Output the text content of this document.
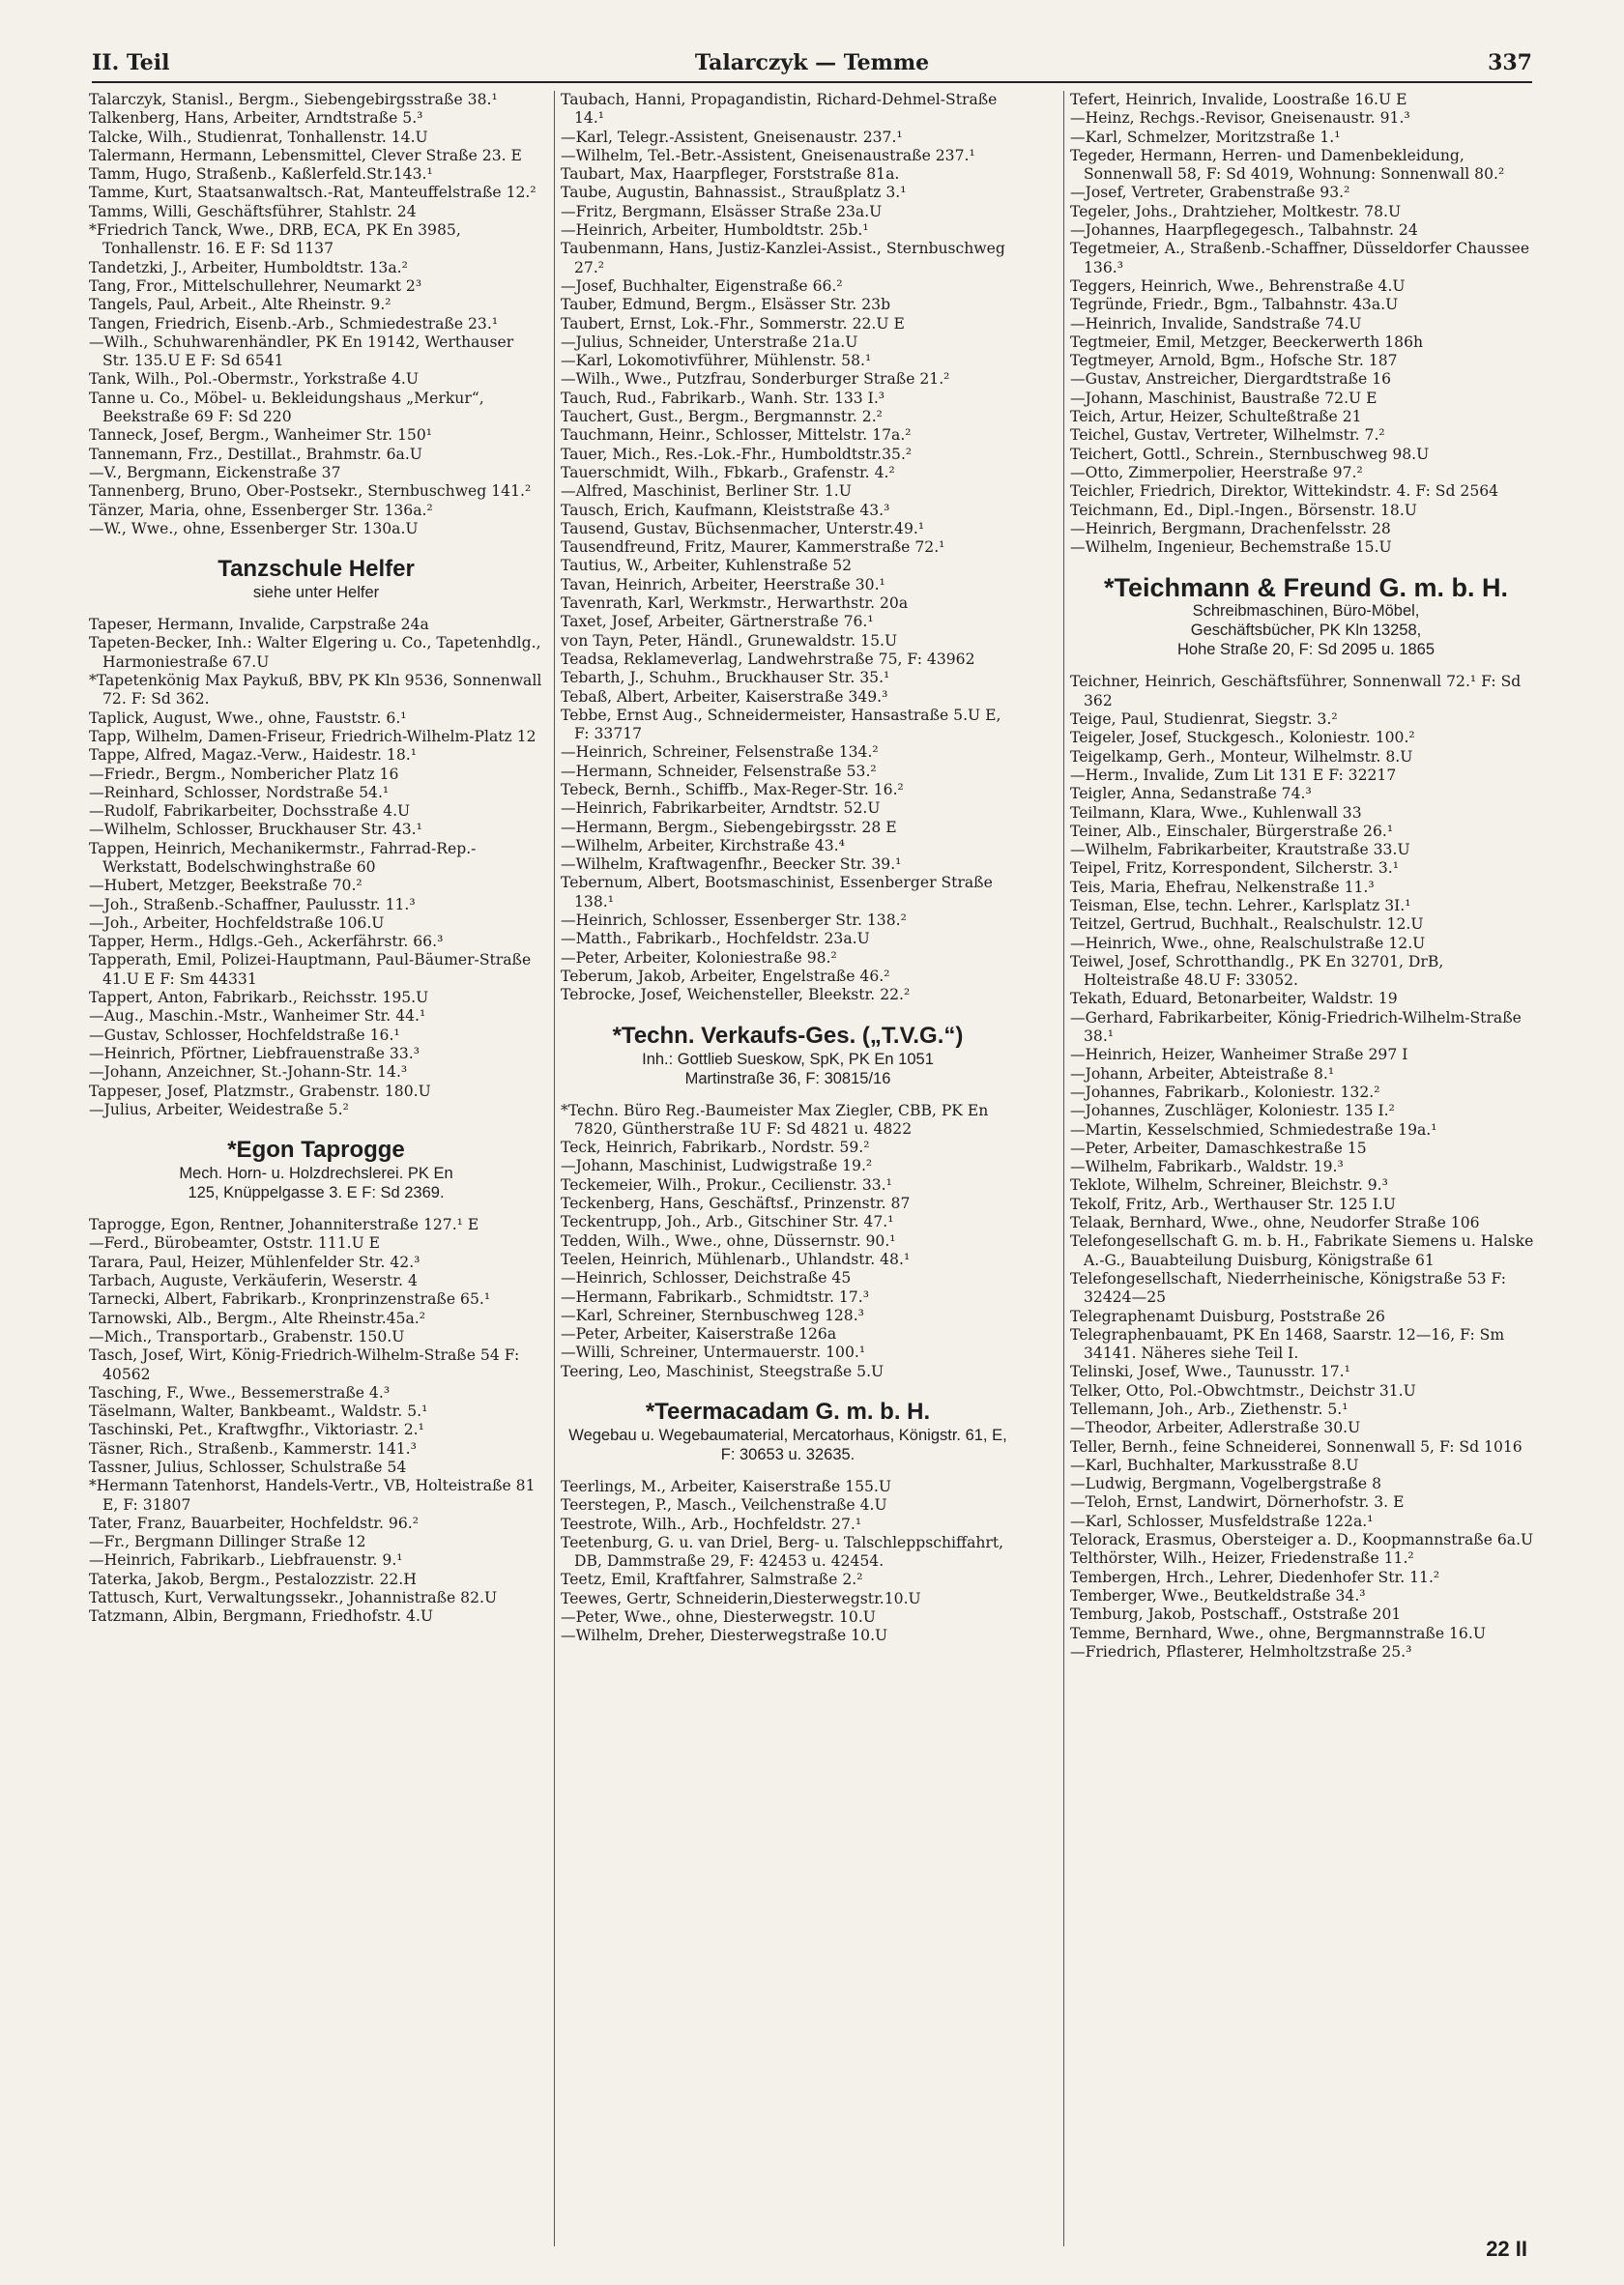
II. Teil	Talarczyk — Temme	337

Talarczyk, Stanisl., Bergm., Siebengebirgsstraße 38.¹

Talkenberg, Hans, Arbeiter, Arndtstraße 5.³

Talcke, Wilh., Studienrat, Tonhallenstr. 14.U

Talermann, Hermann, Lebensmittel, Clever Straße 23. E

Tamm, Hugo, Straßenb., Kaßlerfeld.Str.143.¹

Tamme, Kurt, Staatsanwaltsch.-Rat, Manteuffelstraße 12.²

Tamms, Willi, Geschäftsführer, Stahlstr. 24

*Friedrich Tanck, Wwe., DRB, ECA, PK En 3985, Tonhallenstr. 16. E F: Sd 1137

Tandetzki, J., Arbeiter, Humboldtstr. 13a.²

Tang, Fror., Mittelschullehrer, Neumarkt 2³

Tangels, Paul, Arbeit., Alte Rheinstr. 9.²

Tangen, Friedrich, Eisenb.-Arb., Schmiedestraße 23.¹

—Wilh., Schuhwarenhändler, PK En 19142, Werthauser Str. 135.U E F: Sd 6541

Tank, Wilh., Pol.-Obermstr., Yorkstraße 4.U

Tanne u. Co., Möbel- u. Bekleidungshaus „Merkur“, Beekstraße 69 F: Sd 220

Tanneck, Josef, Bergm., Wanheimer Str. 150¹

Tannemann, Frz., Destillat., Brahmstr. 6a.U

—V., Bergmann, Eickenstraße 37

Tannenberg, Bruno, Ober-Postsekr., Sternbuschweg 141.²

Tänzer, Maria, ohne, Essenberger Str. 136a.²

—W., Wwe., ohne, Essenberger Str. 130a.U

Tanzschule Helfer
siehe unter Helfer

Tapeser, Hermann, Invalide, Carpstraße 24a

Tapeten-Becker, Inh.: Walter Elgering u. Co., Tapetenhdlg., Harmoniestraße 67.U

*Tapetenkönig Max Paykuß, BBV, PK Kln 9536, Sonnenwall 72. F: Sd 362.

Taplick, August, Wwe., ohne, Fauststr. 6.¹

Tapp, Wilhelm, Damen-Friseur, Friedrich-Wilhelm-Platz 12

Tappe, Alfred, Magaz.-Verw., Haidestr. 18.¹

—Friedr., Bergm., Nombericher Platz 16

—Reinhard, Schlosser, Nordstraße 54.¹

—Rudolf, Fabrikarbeiter, Dochsstraße 4.U

—Wilhelm, Schlosser, Bruckhauser Str. 43.¹

Tappen, Heinrich, Mechanikermstr., Fahrrad-Rep.-Werkstatt, Bodelschwinghstraße 60

—Hubert, Metzger, Beekstraße 70.²

—Joh., Straßenb.-Schaffner, Paulusstr. 11.³

—Joh., Arbeiter, Hochfeldstraße 106.U

Tapper, Herm., Hdlgs.-Geh., Ackerfährstr. 66.³

Tapperath, Emil, Polizei-Hauptmann, Paul-Bäumer-Straße 41.U E F: Sm 44331

Tappert, Anton, Fabrikarb., Reichsstr. 195.U

—Aug., Maschin.-Mstr., Wanheimer Str. 44.¹

—Gustav, Schlosser, Hochfeldstraße 16.¹

—Heinrich, Pförtner, Liebfrauenstraße 33.³

—Johann, Anzeichner, St.-Johann-Str. 14.³

Tappeser, Josef, Platzmstr., Grabenstr. 180.U

—Julius, Arbeiter, Weidestraße 5.²

*Egon Taprogge
Mech. Horn- u. Holzdrechslerei. PK En
125, Knüppelgasse 3. E F: Sd 2369.

Taprogge, Egon, Rentner, Johanniterstraße 127.¹ E

—Ferd., Bürobeamter, Oststr. 111.U E

Tarara, Paul, Heizer, Mühlenfelder Str. 42.³

Tarbach, Auguste, Verkäuferin, Weserstr. 4

Tarnecki, Albert, Fabrikarb., Kronprinzenstraße 65.¹

Tarnowski, Alb., Bergm., Alte Rheinstr.45a.²

—Mich., Transportarb., Grabenstr. 150.U

Tasch, Josef, Wirt, König-Friedrich-Wilhelm-Straße 54 F: 40562

Tasching, F., Wwe., Bessemerstraße 4.³

Täselmann, Walter, Bankbeamt., Waldstr. 5.¹

Taschinski, Pet., Kraftwgfhr., Viktoriastr. 2.¹

Täsner, Rich., Straßenb., Kammerstr. 141.³

Tassner, Julius, Schlosser, Schulstraße 54

*Hermann Tatenhorst, Handels-Vertr., VB, Holteistraße 81 E, F: 31807

Tater, Franz, Bauarbeiter, Hochfeldstr. 96.²

—Fr., Bergmann Dillinger Straße 12

—Heinrich, Fabrikarb., Liebfrauenstr. 9.¹

Taterka, Jakob, Bergm., Pestalozzistr. 22.H

Tattusch, Kurt, Verwaltungssekr., Johannistraße 82.U

Tatzmann, Albin, Bergmann, Friedhofstr. 4.U

Taubach, Hanni, Propagandistin, Richard-Dehmel-Straße 14.¹

—Karl, Telegr.-Assistent, Gneisenaustr. 237.¹

—Wilhelm, Tel.-Betr.-Assistent, Gneisenaustraße 237.¹

Taubart, Max, Haarpfleger, Forststraße 81a.

Taube, Augustin, Bahnassist., Straußplatz 3.¹

—Fritz, Bergmann, Elsässer Straße 23a.U

—Heinrich, Arbeiter, Humboldtstr. 25b.¹

Taubenmann, Hans, Justiz-Kanzlei-Assist., Sternbuschweg 27.²

—Josef, Buchhalter, Eigenstraße 66.²

Tauber, Edmund, Bergm., Elsässer Str. 23b

Taubert, Ernst, Lok.-Fhr., Sommerstr. 22.U E

—Julius, Schneider, Unterstraße 21a.U

—Karl, Lokomotivführer, Mühlenstr. 58.¹

—Wilh., Wwe., Putzfrau, Sonderburger Straße 21.²

Tauch, Rud., Fabrikarb., Wanh. Str. 133 I.³

Tauchert, Gust., Bergm., Bergmannstr. 2.²

Tauchmann, Heinr., Schlosser, Mittelstr. 17a.²

Tauer, Mich., Res.-Lok.-Fhr., Humboldtstr.35.²

Tauerschmidt, Wilh., Fbkarb., Grafenstr. 4.²

—Alfred, Maschinist, Berliner Str. 1.U

Tausch, Erich, Kaufmann, Kleiststraße 43.³

Tausend, Gustav, Büchsenmacher, Unterstr.49.¹

Tausendfreund, Fritz, Maurer, Kammerstraße 72.¹

Tautius, W., Arbeiter, Kuhlenstraße 52

Tavan, Heinrich, Arbeiter, Heerstraße 30.¹

Tavenrath, Karl, Werkmstr., Herwarthstr. 20a

Taxet, Josef, Arbeiter, Gärtnerstraße 76.¹

von Tayn, Peter, Händl., Grunewaldstr. 15.U

Teadsa, Reklameverlag, Landwehrstraße 75, F: 43962

Tebarth, J., Schuhm., Bruckhauser Str. 35.¹

Tebaß, Albert, Arbeiter, Kaiserstraße 349.³

Tebbe, Ernst Aug., Schneidermeister, Hansastraße 5.U E, F: 33717

—Heinrich, Schreiner, Felsenstraße 134.²

—Hermann, Schneider, Felsenstraße 53.²

Tebeck, Bernh., Schiffb., Max-Reger-Str. 16.²

—Heinrich, Fabrikarbeiter, Arndtstr. 52.U

—Hermann, Bergm., Siebengebirgsstr. 28 E

—Wilhelm, Arbeiter, Kirchstraße 43.⁴

—Wilhelm, Kraftwagenfhr., Beecker Str. 39.¹

Tebernum, Albert, Bootsmaschinist, Essenberger Straße 138.¹

—Heinrich, Schlosser, Essenberger Str. 138.²

—Matth., Fabrikarb., Hochfeldstr. 23a.U

—Peter, Arbeiter, Koloniestraße 98.²

Teberum, Jakob, Arbeiter, Engelstraße 46.²

Tebrocke, Josef, Weichensteller, Bleekstr. 22.²

*Techn. Verkaufs-Ges. („T.V.G.“)
Inh.: Gottlieb Sueskow, SpK, PK En 1051
Martinstraße 36, F: 30815/16

*Techn. Büro Reg.-Baumeister Max Ziegler, CBB, PK En 7820, Güntherstraße 1U F: Sd 4821 u. 4822

Teck, Heinrich, Fabrikarb., Nordstr. 59.²

—Johann, Maschinist, Ludwigstraße 19.²

Teckemeier, Wilh., Prokur., Cecilienstr. 33.¹

Teckenberg, Hans, Geschäftsf., Prinzenstr. 87

Teckentrupp, Joh., Arb., Gitschiner Str. 47.¹

Tedden, Wilh., Wwe., ohne, Düssernstr. 90.¹

Teelen, Heinrich, Mühlenarb., Uhlandstr. 48.¹

—Heinrich, Schlosser, Deichstraße 45

—Hermann, Fabrikarb., Schmidtstr. 17.³

—Karl, Schreiner, Sternbuschweg 128.³

—Peter, Arbeiter, Kaiserstraße 126a

—Willi, Schreiner, Untermauerstr. 100.¹

Teering, Leo, Maschinist, Steegstraße 5.U

*Teermacadam G. m. b. H.
Wegebau u. Wegebaumaterial, Mercatorhaus, Königstr. 61, E, F: 30653 u. 32635.

Teerlings, M., Arbeiter, Kaiserstraße 155.U

Teerstegen, P., Masch., Veilchenstraße 4.U

Teestrote, Wilh., Arb., Hochfeldstr. 27.¹

Teetenburg, G. u. van Driel, Berg- u. Talschleppschiffahrt, DB, Dammstraße 29, F: 42453 u. 42454.

Teetz, Emil, Kraftfahrer, Salmstraße 2.²

Teewes, Gertr, Schneiderin,Diesterwegstr.10.U

—Peter, Wwe., ohne, Diesterwegstr. 10.U

—Wilhelm, Dreher, Diesterwegstraße 10.U

Tefert, Heinrich, Invalide, Loostraße 16.U E

—Heinz, Rechgs.-Revisor, Gneisenaustr. 91.³

—Karl, Schmelzer, Moritzstraße 1.¹

Tegeder, Hermann, Herren- und Damenbekleidung, Sonnenwall 58, F: Sd 4019, Wohnung: Sonnenwall 80.²

—Josef, Vertreter, Grabenstraße 93.²

Tegeler, Johs., Drahtzieher, Moltkestr. 78.U

—Johannes, Haarpflegegesch., Talbahnstr. 24

Tegetmeier, A., Straßenb.-Schaffner, Düsseldorfer Chaussee 136.³

Teggers, Heinrich, Wwe., Behrenstraße 4.U

Tegründe, Friedr., Bgm., Talbahnstr. 43a.U

—Heinrich, Invalide, Sandstraße 74.U

Tegtmeier, Emil, Metzger, Beeckerwerth 186h

Tegtmeyer, Arnold, Bgm., Hofsche Str. 187

—Gustav, Anstreicher, Diergardtstraße 16

—Johann, Maschinist, Baustraße 72.U E

Teich, Artur, Heizer, Schulteßtraße 21

Teichel, Gustav, Vertreter, Wilhelmstr. 7.²

Teichert, Gottl., Schrein., Sternbuschweg 98.U

—Otto, Zimmerpolier, Heerstraße 97.²

Teichler, Friedrich, Direktor, Wittekindstr. 4. F: Sd 2564

Teichmann, Ed., Dipl.-Ingen., Börsenstr. 18.U

—Heinrich, Bergmann, Drachenfelsstr. 28

—Wilhelm, Ingenieur, Bechemstraße 15.U

*Teichmann & Freund G. m. b. H.
Schreibmaschinen, Büro-Möbel,
Geschäftsbücher, PK Kln 13258,
Hohe Straße 20, F: Sd 2095 u. 1865

Teichner, Heinrich, Geschäftsführer, Sonnenwall 72.¹ F: Sd 362

Teige, Paul, Studienrat, Siegstr. 3.²

Teigeler, Josef, Stuckgesch., Koloniestr. 100.²

Teigelkamp, Gerh., Monteur, Wilhelmstr. 8.U

—Herm., Invalide, Zum Lit 131 E F: 32217

Teigler, Anna, Sedanstraße 74.³

Teilmann, Klara, Wwe., Kuhlenwall 33

Teiner, Alb., Einschaler, Bürgerstraße 26.¹

—Wilhelm, Fabrikarbeiter, Krautstraße 33.U

Teipel, Fritz, Korrespondent, Silcherstr. 3.¹

Teis, Maria, Ehefrau, Nelkenstraße 11.³

Teisman, Else, techn. Lehrer., Karlsplatz 3I.¹

Teitzel, Gertrud, Buchhalt., Realschulstr. 12.U

—Heinrich, Wwe., ohne, Realschulstraße 12.U

Teiwel, Josef, Schrotthandlg., PK En 32701, DrB, Holteistraße 48.U F: 33052.

Tekath, Eduard, Betonarbeiter, Waldstr. 19

—Gerhard, Fabrikarbeiter, König-Friedrich-Wilhelm-Straße 38.¹

—Heinrich, Heizer, Wanheimer Straße 297 I

—Johann, Arbeiter, Abteistraße 8.¹

—Johannes, Fabrikarb., Koloniestr. 132.²

—Johannes, Zuschläger, Koloniestr. 135 I.²

—Martin, Kesselschmied, Schmiedestraße 19a.¹

—Peter, Arbeiter, Damaschkestraße 15

—Wilhelm, Fabrikarb., Waldstr. 19.³

Teklote, Wilhelm, Schreiner, Bleichstr. 9.³

Tekolf, Fritz, Arb., Werthauser Str. 125 I.U

Telaak, Bernhard, Wwe., ohne, Neudorfer Straße 106

Telefongesellschaft G. m. b. H., Fabrikate Siemens u. Halske A.-G., Bauabteilung Duisburg, Königstraße 61

Telefongesellschaft, Niederrheinische, Königstraße 53 F: 32424—25

Telegraphenamt Duisburg, Poststraße 26

Telegraphenbauamt, PK En 1468, Saarstr. 12—16, F: Sm 34141. Näheres siehe Teil I.

Telinski, Josef, Wwe., Taunusstr. 17.¹

Telker, Otto, Pol.-Obwchtmstr., Deichstr 31.U

Tellemann, Joh., Arb., Ziethenstr. 5.¹

—Theodor, Arbeiter, Adlerstraße 30.U

Teller, Bernh., feine Schneiderei, Sonnenwall 5, F: Sd 1016

—Karl, Buchhalter, Markusstraße 8.U

—Ludwig, Bergmann, Vogelbergstraße 8

—Teloh, Ernst, Landwirt, Dörnerhofstr. 3. E

—Karl, Schlosser, Musfeldstraße 122a.¹

Telorack, Erasmus, Obersteiger a. D., Koopmannstraße 6a.U

Telthörster, Wilh., Heizer, Friedenstraße 11.²

Tembergen, Hrch., Lehrer, Diedenhofer Str. 11.²

Temberger, Wwe., Beutkeldstraße 34.³

Temburg, Jakob, Postschaff., Oststraße 201

Temme, Bernhard, Wwe., ohne, Bergmannstraße 16.U

—Friedrich, Pflasterer, Helmholtzstraße 25.³

22 II
